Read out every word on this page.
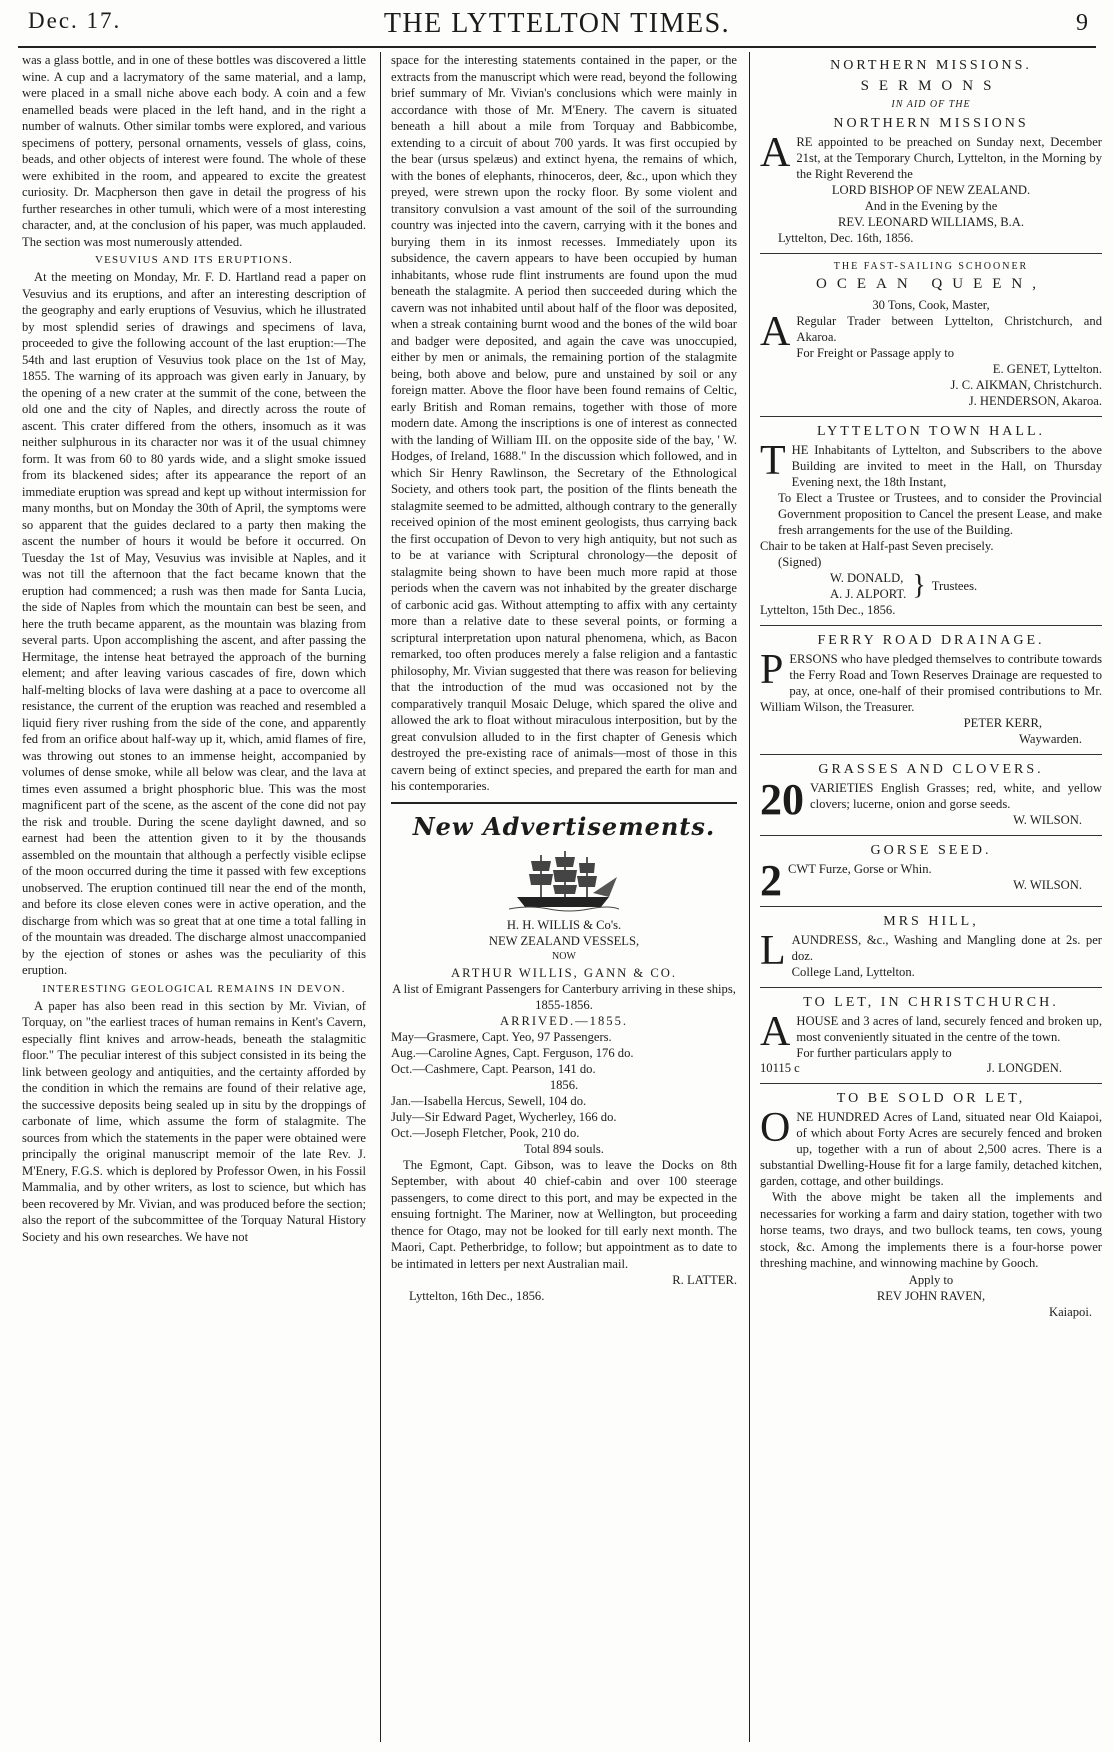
Dec. 17.	THE LYTTELTON TIMES.	9

was a glass bottle, and in one of these bottles was discovered a little wine. A cup and a lacrymatory of the same material, and a lamp, were placed in a small niche above each body. A coin and a few enamelled beads were placed in the left hand, and in the right a number of walnuts. Other similar tombs were explored, and various specimens of pottery, personal ornaments, vessels of glass, coins, beads, and other objects of interest were found. The whole of these were exhibited in the room, and appeared to excite the greatest curiosity. Dr. Macpherson then gave in detail the progress of his further researches in other tumuli, which were of a most interesting character, and, at the conclusion of his paper, was much applauded. The section was most numerously attended.

VESUVIUS AND ITS ERUPTIONS.

At the meeting on Monday, Mr. F. D. Hartland read a paper on Vesuvius and its eruptions, and after an interesting description of the geography and early eruptions of Vesuvius, which he illustrated by most splendid series of drawings and specimens of lava, proceeded to give the following account of the last eruption:—The 54th and last eruption of Vesuvius took place on the 1st of May, 1855. The warning of its approach was given early in January, by the opening of a new crater at the summit of the cone, between the old one and the city of Naples, and directly across the route of ascent. This crater differed from the others, insomuch as it was neither sulphurous in its character nor was it of the usual chimney form. It was from 60 to 80 yards wide, and a slight smoke issued from its blackened sides; after its appearance the report of an immediate eruption was spread and kept up without intermission for many months, but on Monday the 30th of April, the symptoms were so apparent that the guides declared to a party then making the ascent the number of hours it would be before it occurred. On Tuesday the 1st of May, Vesuvius was invisible at Naples, and it was not till the afternoon that the fact became known that the eruption had commenced; a rush was then made for Santa Lucia, the side of Naples from which the mountain can best be seen, and here the truth became apparent, as the mountain was blazing from several parts. Upon accomplishing the ascent, and after passing the Hermitage, the intense heat betrayed the approach of the burning element; and after leaving various cascades of fire, down which half-melting blocks of lava were dashing at a pace to overcome all resistance, the current of the eruption was reached and resembled a liquid fiery river rushing from the side of the cone, and apparently fed from an orifice about half-way up it, which, amid flames of fire, was throwing out stones to an immense height, accompanied by volumes of dense smoke, while all below was clear, and the lava at times even assumed a bright phosphoric blue. This was the most magnificent part of the scene, as the ascent of the cone did not pay the risk and trouble. During the scene daylight dawned, and so earnest had been the attention given to it by the thousands assembled on the mountain that although a perfectly visible eclipse of the moon occurred during the time it passed with few exceptions unobserved. The eruption continued till near the end of the month, and before its close eleven cones were in active operation, and the discharge from which was so great that at one time a total falling in of the mountain was dreaded. The discharge almost unaccompanied by the ejection of stones or ashes was the peculiarity of this eruption.

INTERESTING GEOLOGICAL REMAINS IN DEVON.

A paper has also been read in this section by Mr. Vivian, of Torquay, on "the earliest traces of human remains in Kent's Cavern, especially flint knives and arrow-heads, beneath the stalagmitic floor." The peculiar interest of this subject consisted in its being the link between geology and antiquities, and the certainty afforded by the condition in which the remains are found of their relative age, the successive deposits being sealed up in situ by the droppings of carbonate of lime, which assume the form of stalagmite. The sources from which the statements in the paper were obtained were principally the original manuscript memoir of the late Rev. J. M'Enery, F.G.S. which is deplored by Professor Owen, in his Fossil Mammalia, and by other writers, as lost to science, but which has been recovered by Mr. Vivian, and was produced before the section; also the report of the subcommittee of the Torquay Natural History Society and his own researches. We have not

space for the interesting statements contained in the paper, or the extracts from the manuscript which were read, beyond the following brief summary of Mr. Vivian's conclusions which were mainly in accordance with those of Mr. M'Enery. The cavern is situated beneath a hill about a mile from Torquay and Babbicombe, extending to a circuit of about 700 yards. It was first occupied by the bear (ursus spelæus) and extinct hyena, the remains of which, with the bones of elephants, rhinoceros, deer, &c., upon which they preyed, were strewn upon the rocky floor. By some violent and transitory convulsion a vast amount of the soil of the surrounding country was injected into the cavern, carrying with it the bones and burying them in its inmost recesses. Immediately upon its subsidence, the cavern appears to have been occupied by human inhabitants, whose rude flint instruments are found upon the mud beneath the stalagmite. A period then succeeded during which the cavern was not inhabited until about half of the floor was deposited, when a streak containing burnt wood and the bones of the wild boar and badger were deposited, and again the cave was unoccupied, either by men or animals, the remaining portion of the stalagmite being, both above and below, pure and unstained by soil or any foreign matter. Above the floor have been found remains of Celtic, early British and Roman remains, together with those of more modern date. Among the inscriptions is one of interest as connected with the landing of William III. on the opposite side of the bay, ' W. Hodges, of Ireland, 1688." In the discussion which followed, and in which Sir Henry Rawlinson, the Secretary of the Ethnological Society, and others took part, the position of the flints beneath the stalagmite seemed to be admitted, although contrary to the generally received opinion of the most eminent geologists, thus carrying back the first occupation of Devon to very high antiquity, but not such as to be at variance with Scriptural chronology—the deposit of stalagmite being shown to have been much more rapid at those periods when the cavern was not inhabited by the greater discharge of carbonic acid gas. Without attempting to affix with any certainty more than a relative date to these several points, or forming a scriptural interpretation upon natural phenomena, which, as Bacon remarked, too often produces merely a false religion and a fantastic philosophy, Mr. Vivian suggested that there was reason for believing that the introduction of the mud was occasioned not by the comparatively tranquil Mosaic Deluge, which spared the olive and allowed the ark to float without miraculous interposition, but by the great convulsion alluded to in the first chapter of Genesis which destroyed the pre-existing race of animals—most of those in this cavern being of extinct species, and prepared the earth for man and his contemporaries.

New Advertisements.

H. H. WILLIS & Co's.

NEW ZEALAND VESSELS,

NOW

ARTHUR WILLIS, GANN & CO.

A list of Emigrant Passengers for Canterbury arriving in these ships, 1855-1856.

ARRIVED.—1855.

May—Grasmere, Capt. Yeo, 97 Passengers.

Aug.—Caroline Agnes, Capt. Ferguson, 176 do.

Oct.—Cashmere, Capt. Pearson, 141 do.

1856.

Jan.—Isabella Hercus, Sewell, 104 do.

July—Sir Edward Paget, Wycherley, 166 do.

Oct.—Joseph Fletcher, Pook, 210 do.

Total 894 souls.

The Egmont, Capt. Gibson, was to leave the Docks on 8th September, with about 40 chief-cabin and over 100 steerage passengers, to come direct to this port, and may be expected in the ensuing fortnight. The Mariner, now at Wellington, but proceeding thence for Otago, may not be looked for till early next month. The Maori, Capt. Petherbridge, to follow; but appointment as to date to be intimated in letters per next Australian mail.

R. LATTER.

Lyttelton, 16th Dec., 1856.

NORTHERN MISSIONS.
SERMONS
IN AID OF THE
NORTHERN MISSIONS

ARE appointed to be preached on Sunday next, December 21st, at the Temporary Church, Lyttelton, in the Morning by the Right Reverend the

LORD BISHOP OF NEW ZEALAND.

And in the Evening by the

REV. LEONARD WILLIAMS, B.A.

Lyttelton, Dec. 16th, 1856.

THE FAST-SAILING SCHOONER
OCEAN QUEEN,

30 Tons, Cook, Master,

A Regular Trader between Lyttelton, Christchurch, and Akaroa.

For Freight or Passage apply to

E. GENET, Lyttelton.

J. C. AIKMAN, Christchurch.

J. HENDERSON, Akaroa.

LYTTELTON TOWN HALL.

THE Inhabitants of Lyttelton, and Subscribers to the above Building are invited to meet in the Hall, on Thursday Evening next, the 18th Instant,

To Elect a Trustee or Trustees, and to consider the Provincial Government proposition to Cancel the present Lease, and make fresh arrangements for the use of the Building.

Chair to be taken at Half-past Seven precisely.

(Signed)

W. DONALD,

A. J. ALPORT. } Trustees.

Lyttelton, 15th Dec., 1856.

FERRY ROAD DRAINAGE.

PERSONS who have pledged themselves to contribute towards the Ferry Road and Town Reserves Drainage are requested to pay, at once, one-half of their promised contributions to Mr. William Wilson, the Treasurer.

PETER KERR,

Waywarden.

GRASSES AND CLOVERS.

20 VARIETIES English Grasses; red, white, and yellow clovers; lucerne, onion and gorse seeds.

W. WILSON.

GORSE SEED.

2 CWT Furze, Gorse or Whin.

W. WILSON.

MRS HILL,

LAUNDRESS, &c., Washing and Mangling done at 2s. per doz.

College Land, Lyttelton.

TO LET, IN CHRISTCHURCH.

AHOUSE and 3 acres of land, securely fenced and broken up, most conveniently situated in the centre of the town.

For further particulars apply to

10115 c	J. LONGDEN.
TO BE SOLD OR LET,

ONE HUNDRED Acres of Land, situated near Old Kaiapoi, of which about Forty Acres are securely fenced and broken up, together with a run of about 2,500 acres. There is a substantial Dwelling-House fit for a large family, detached kitchen, garden, cottage, and other buildings.

With the above might be taken all the implements and necessaries for working a farm and dairy station, together with two horse teams, two drays, and two bullock teams, ten cows, young stock, &c. Among the implements there is a four-horse power threshing machine, and winnowing machine by Gooch.

Apply to

REV JOHN RAVEN,

Kaiapoi.
